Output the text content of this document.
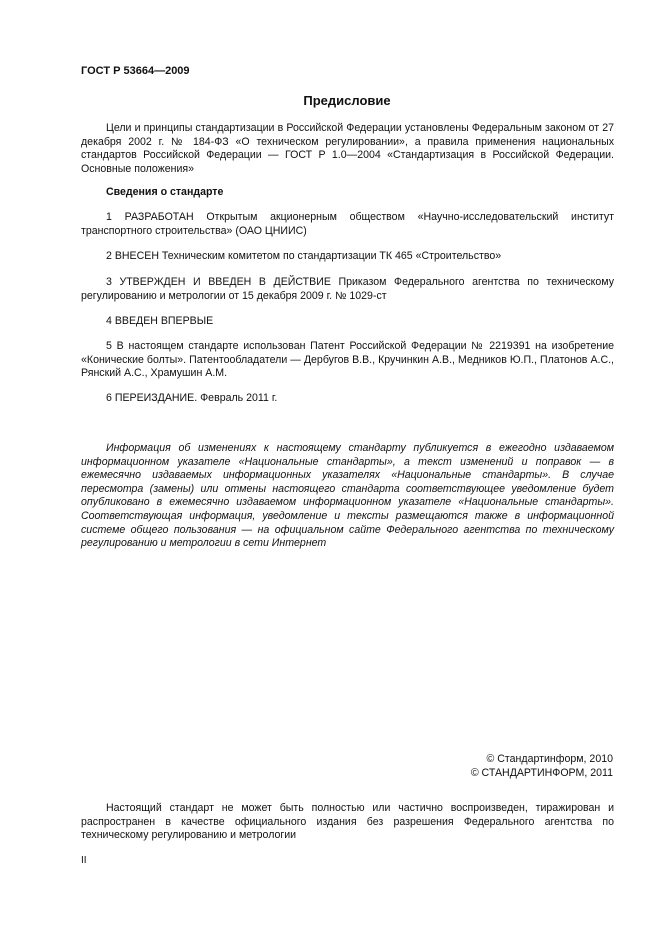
ГОСТ Р 53664—2009
Предисловие

Цели и принципы стандартизации в Российской Федерации установлены Федеральным законом от 27 декабря 2002 г. № 184-ФЗ «О техническом регулировании», а правила применения национальных стандартов Российской Федерации — ГОСТ Р 1.0—2004 «Стандартизация в Российской Федерации. Основные положения»

Сведения о стандарте

1 РАЗРАБОТАН Открытым акционерным обществом «Научно-исследовательский институт транспортного строительства» (ОАО ЦНИИС)

2 ВНЕСЕН Техническим комитетом по стандартизации ТК 465 «Строительство»

3 УТВЕРЖДЕН И ВВЕДЕН В ДЕЙСТВИЕ Приказом Федерального агентства по техническому регулированию и метрологии от 15 декабря 2009 г. № 1029-ст

4 ВВЕДЕН ВПЕРВЫЕ

5 В настоящем стандарте использован Патент Российской Федерации № 2219391 на изобретение «Конические болты». Патентообладатели — Дербугов В.В., Кручинкин А.В., Медников Ю.П., Платонов А.С., Рянский А.С., Храмушин А.М.

6 ПЕРЕИЗДАНИЕ. Февраль 2011 г.

Информация об изменениях к настоящему стандарту публикуется в ежегодно издаваемом информационном указателе «Национальные стандарты», а текст изменений и поправок — в ежемесячно издаваемых информационных указателях «Национальные стандарты». В случае пересмотра (замены) или отмены настоящего стандарта соответствующее уведомление будет опубликовано в ежемесячно издаваемом информационном указателе «Национальные стандарты». Соответствующая информация, уведомление и тексты размещаются также в информационной системе общего пользования — на официальном сайте Федерального агентства по техническому регулированию и метрологии в сети Интернет

© Стандартинформ, 2010
© СТАНДАРТИНФОРМ, 2011

Настоящий стандарт не может быть полностью или частично воспроизведен, тиражирован и распространен в качестве официального издания без разрешения Федерального агентства по техническому регулированию и метрологии

II
